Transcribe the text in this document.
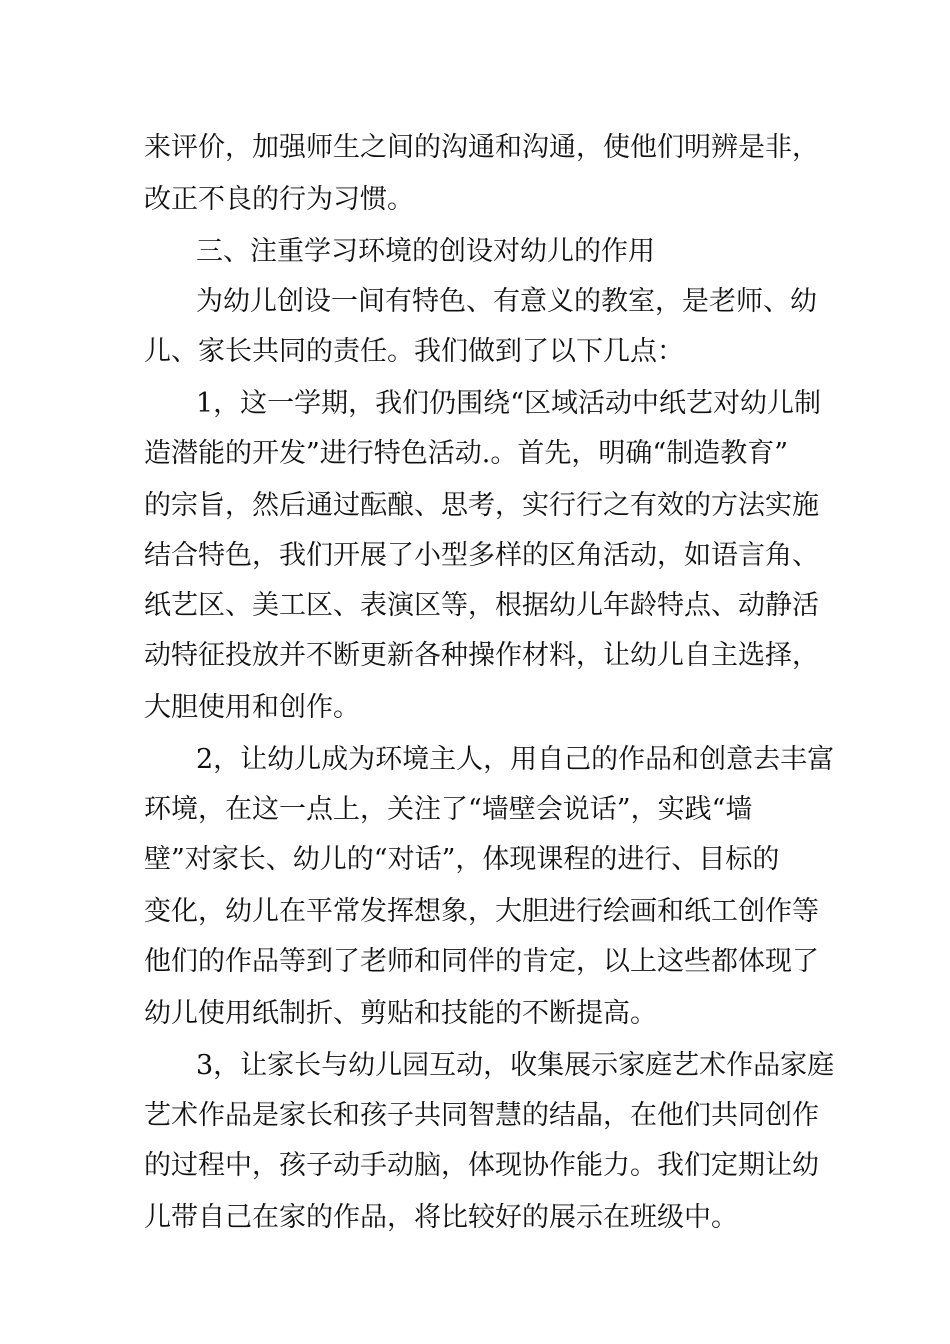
来评价，加强师生之间的沟通和沟通，使他们明辨是非，
改正不良的行为习惯。
三、注重学习环境的创设对幼儿的作用
为幼儿创设一间有特色、有意义的教室，是老师、幼
儿、家长共同的责任。我们做到了以下几点：
1，这一学期，我们仍围绕“区域活动中纸艺对幼儿制
造潜能的开发”进行特色活动.。首先，明确“制造教育”
的宗旨，然后通过酝酿、思考，实行行之有效的方法实施
结合特色，我们开展了小型多样的区角活动，如语言角、
纸艺区、美工区、表演区等，根据幼儿年龄特点、动静活
动特征投放并不断更新各种操作材料，让幼儿自主选择，
大胆使用和创作。
2，让幼儿成为环境主人，用自己的作品和创意去丰富
环境，在这一点上，关注了“墙壁会说话”，实践“墙
壁”对家长、幼儿的“对话”，体现课程的进行、目标的
变化，幼儿在平常发挥想象，大胆进行绘画和纸工创作等
他们的作品等到了老师和同伴的肯定，以上这些都体现了
幼儿使用纸制折、剪贴和技能的不断提高。
3，让家长与幼儿园互动，收集展示家庭艺术作品家庭
艺术作品是家长和孩子共同智慧的结晶，在他们共同创作
的过程中，孩子动手动脑，体现协作能力。我们定期让幼
儿带自己在家的作品，将比较好的展示在班级中。
